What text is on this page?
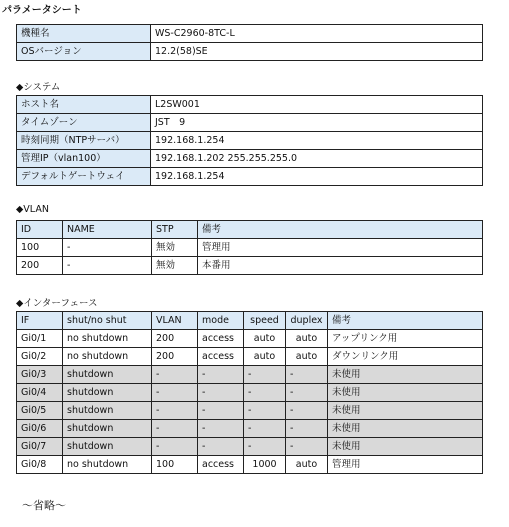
パラメータシート
機種名	WS-C2960-8TC-L
OSバージョン	12.2(58)SE
◆システム
ホスト名	L2SW001
タイムゾーン	JST　9
時刻同期（NTPサーバ）	192.168.1.254
管理IP（vlan100）	192.168.1.202 255.255.255.0
デフォルトゲートウェイ	192.168.1.254
◆VLAN
ID	NAME	STP	備考
100	-	無効	管理用
200	-	無効	本番用
◆インターフェース
IF	shut/no shut	VLAN	mode	speed	duplex	備考
Gi0/1	no shutdown	200	access	auto	auto	アップリンク用
Gi0/2	no shutdown	200	access	auto	auto	ダウンリンク用
Gi0/3	shutdown	-	-	-	-	未使用
Gi0/4	shutdown	-	-	-	-	未使用
Gi0/5	shutdown	-	-	-	-	未使用
Gi0/6	shutdown	-	-	-	-	未使用
Gi0/7	shutdown	-	-	-	-	未使用
Gi0/8	no shutdown	100	access	1000	auto	管理用
～省略～
